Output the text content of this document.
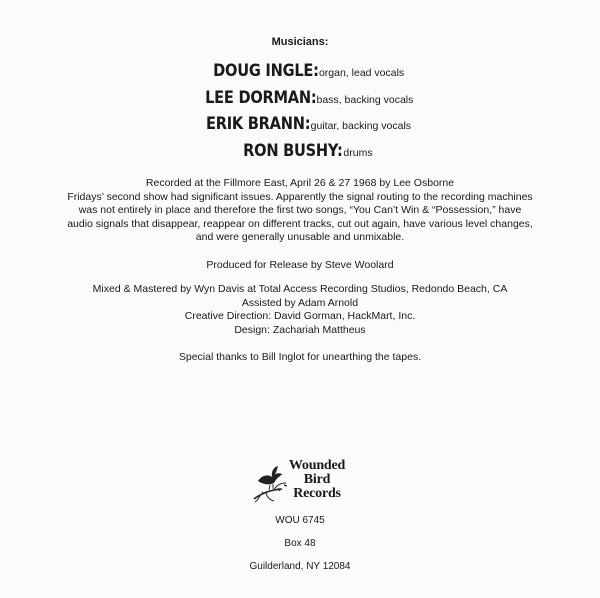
Musicians:
DOUG INGLE: organ, lead vocals
LEE DORMAN: bass, backing vocals
ERIK BRANN: guitar, backing vocals
RON BUSHY: drums
Recorded at the Fillmore East, April 26 & 27 1968 by Lee Osborne
Fridays’ second show had significant issues. Apparently the signal routing to the recording machines
was not entirely in place and therefore the first two songs, “You Can’t Win & “Possession,” have
audio signals that disappear, reappear on different tracks, cut out again, have various level changes,
and were generally unusable and unmixable.
Produced for Release by Steve Woolard
Mixed & Mastered by Wyn Davis at Total Access Recording Studios, Redondo Beach, CA
Assisted by Adam Arnold
Creative Direction: David Gorman, HackMart, Inc.
Design: Zachariah Mattheus
Special thanks to Bill Inglot for unearthing the tapes.
Wounded
Bird
Records
WOU 6745
Box 48
Guilderland, NY 12084
